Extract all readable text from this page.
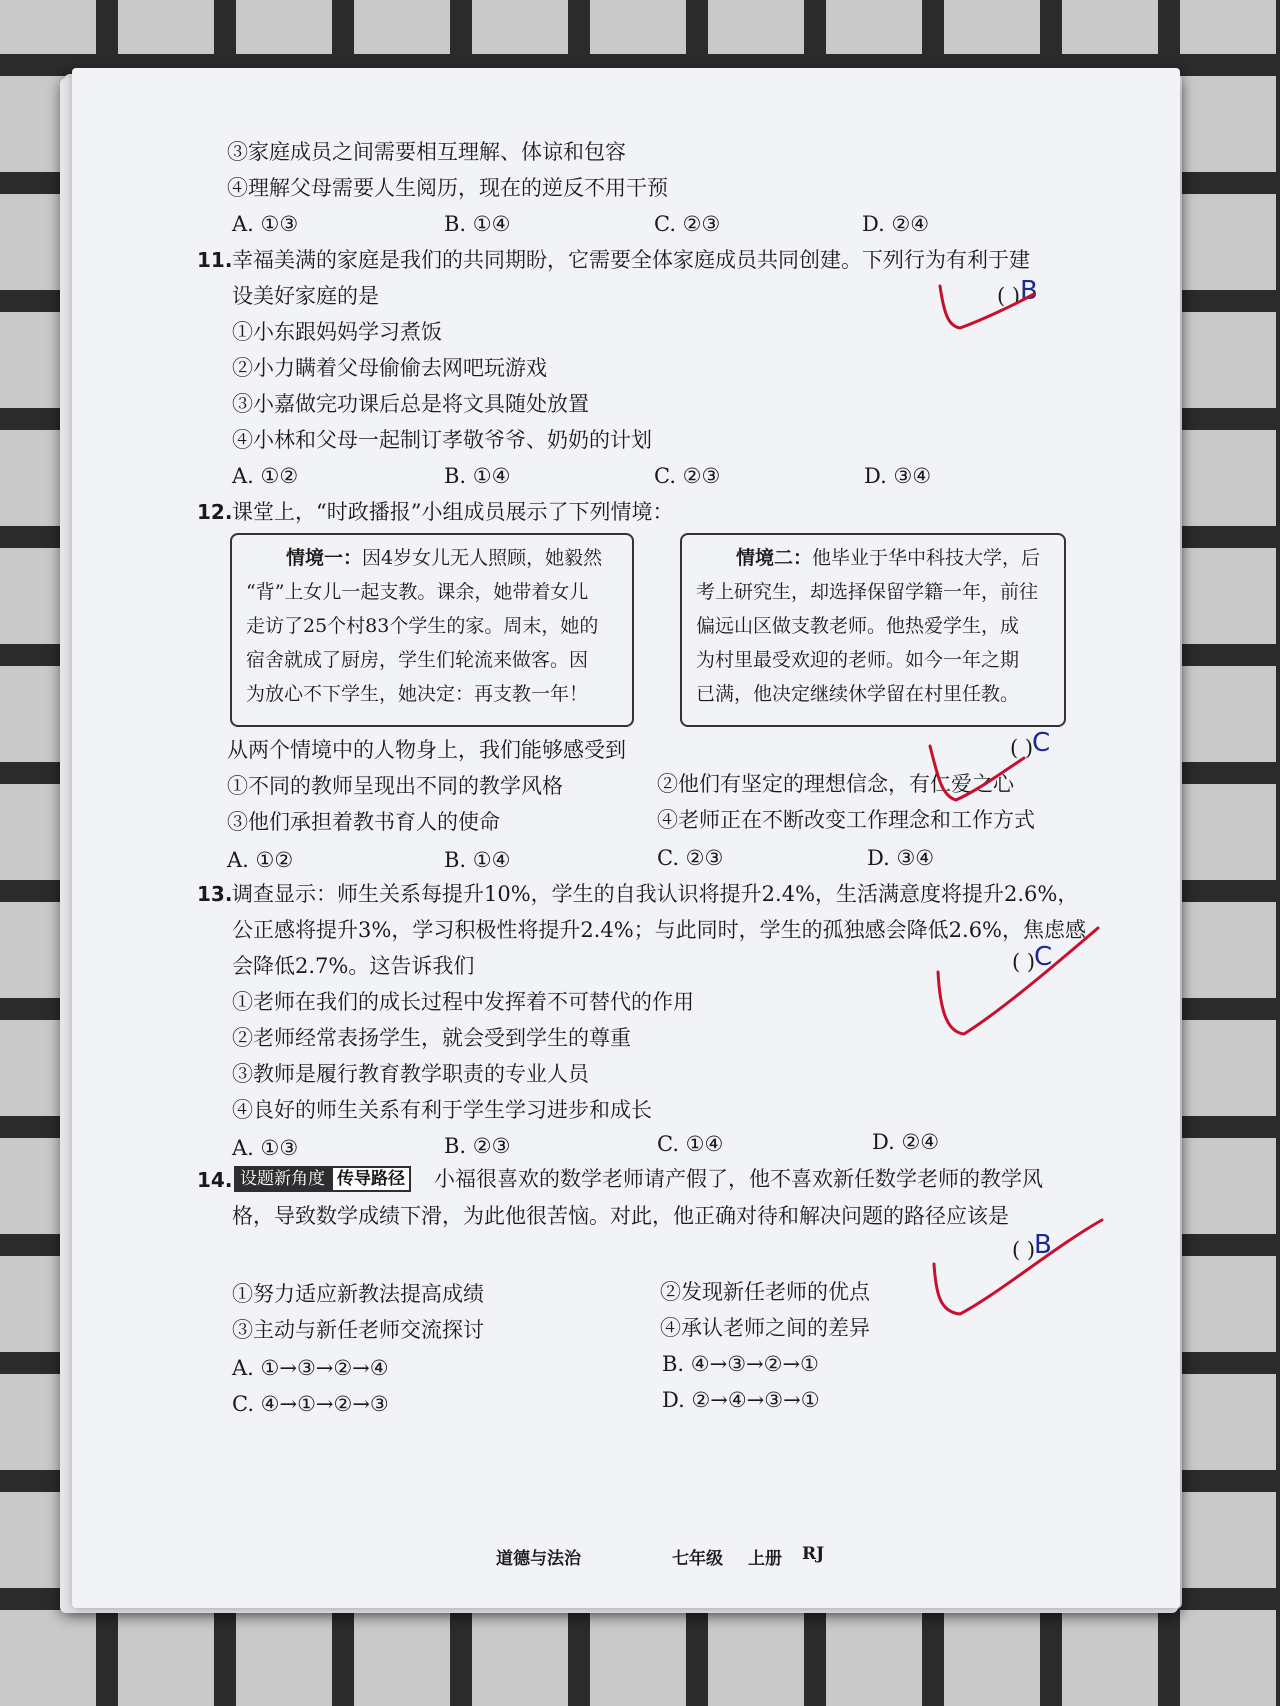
③家庭成员之间需要相互理解、体谅和包容
④理解父母需要人生阅历，现在的逆反不用干预
A. ①③	B. ①④	C. ②③	D. ②④
11. 幸福美满的家庭是我们的共同期盼，它需要全体家庭成员共同创建。下列行为有利于建
设美好家庭的是	( ) B
①小东跟妈妈学习煮饭
②小力瞒着父母偷偷去网吧玩游戏
③小嘉做完功课后总是将文具随处放置
④小林和父母一起制订孝敬爷爷、奶奶的计划
A. ①②	B. ①④	C. ②③	D. ③④
12. 课堂上，“时政播报”小组成员展示了下列情境：
情境一：因4岁女儿无人照顾，她毅然
“背”上女儿一起支教。课余，她带着女儿
走访了25个村83个学生的家。周末，她的
宿舍就成了厨房，学生们轮流来做客。因
为放心不下学生，她决定：再支教一年！
情境二：他毕业于华中科技大学，后
考上研究生，却选择保留学籍一年，前往
偏远山区做支教老师。他热爱学生，成
为村里最受欢迎的老师。如今一年之期
已满，他决定继续休学留在村里任教。
从两个情境中的人物身上，我们能够感受到	( )
C
①不同的教师呈现出不同的教学风格	②他们有坚定的理想信念，有仁爱之心
③他们承担着教书育人的使命	④老师正在不断改变工作理念和工作方式
A. ①②	B. ①④	C. ②③	D. ③④
13. 调查显示：师生关系每提升10%，学生的自我认识将提升2.4%，生活满意度将提升2.6%，
公正感将提升3%，学习积极性将提升2.4%；与此同时，学生的孤独感会降低2.6%，焦虑感
会降低2.7%。这告诉我们	( )
C
①老师在我们的成长过程中发挥着不可替代的作用
②老师经常表扬学生，就会受到学生的尊重
③教师是履行教育教学职责的专业人员
④良好的师生关系有利于学生学习进步和成长
A. ①③	B. ②③	C. ①④	D. ②④
14. 设题新角度 传导路径 小福很喜欢的数学老师请产假了，他不喜欢新任数学老师的教学风
格，导致数学成绩下滑，为此他很苦恼。对此，他正确对待和解决问题的路径应该是
( )
B
①努力适应新教法提高成绩	②发现新任老师的优点
③主动与新任老师交流探讨	④承认老师之间的差异
A. ①→③→②→④	B. ④→③→②→①
C. ④→①→②→③	D. ②→④→③→①
道德与法治	七年级 上册 RJ
